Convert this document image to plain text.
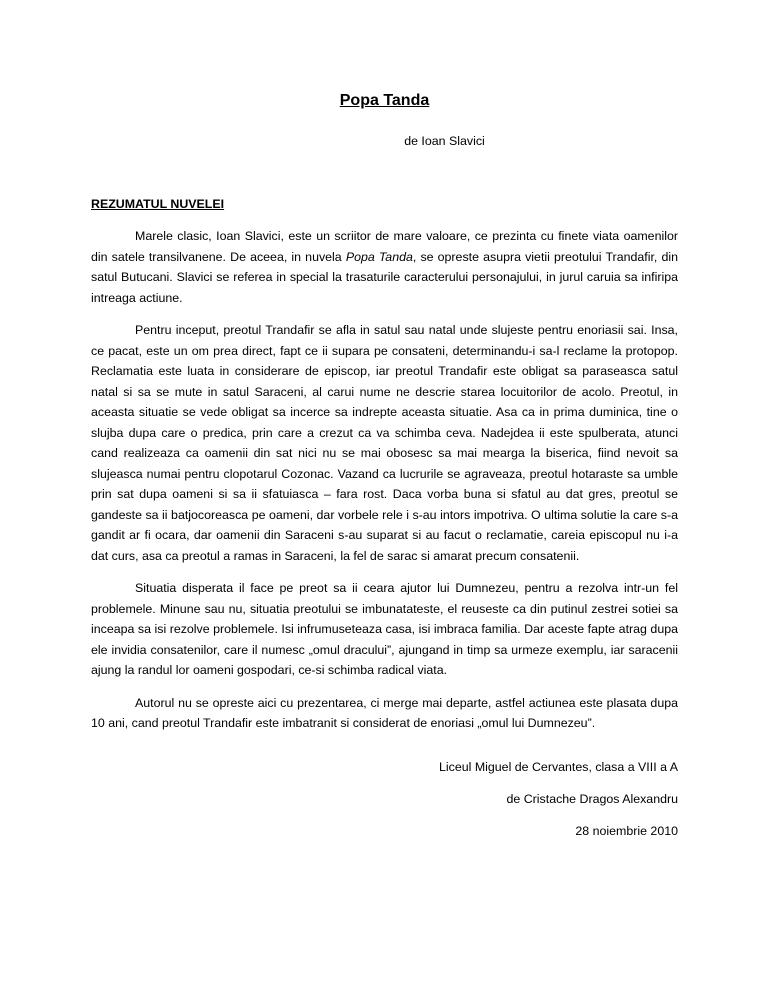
Popa Tanda
de Ioan Slavici
REZUMATUL NUVELEI

Marele clasic, Ioan Slavici, este un scriitor de mare valoare, ce prezinta cu finete viata oamenilor din satele transilvanene. De aceea, in nuvela Popa Tanda, se opreste asupra vietii preotului Trandafir, din satul Butucani. Slavici se referea in special la trasaturile caracterului personajului, in jurul caruia sa infiripa intreaga actiune.

Pentru inceput, preotul Trandafir se afla in satul sau natal unde slujeste pentru enoriasii sai. Insa, ce pacat, este un om prea direct, fapt ce ii supara pe consateni, determinandu-i sa-l reclame la protopop. Reclamatia este luata in considerare de episcop, iar preotul Trandafir este obligat sa paraseasca satul natal si sa se mute in satul Saraceni, al carui nume ne descrie starea locuitorilor de acolo. Preotul, in aceasta situatie se vede obligat sa incerce sa indrepte aceasta situatie. Asa ca in prima duminica, tine o slujba dupa care o predica, prin care a crezut ca va schimba ceva. Nadejdea ii este spulberata, atunci cand realizeaza ca oamenii din sat nici nu se mai obosesc sa mai mearga la biserica, fiind nevoit sa slujeasca numai pentru clopotarul Cozonac. Vazand ca lucrurile se agraveaza, preotul hotaraste sa umble prin sat dupa oameni si sa ii sfatuiasca – fara rost. Daca vorba buna si sfatul au dat gres, preotul se gandeste sa ii batjocoreasca pe oameni, dar vorbele rele i s-au intors impotriva. O ultima solutie la care s-a gandit ar fi ocara, dar oamenii din Saraceni s-au suparat si au facut o reclamatie, careia episcopul nu i-a dat curs, asa ca preotul a ramas in Saraceni, la fel de sarac si amarat precum consatenii.

Situatia disperata il face pe preot sa ii ceara ajutor lui Dumnezeu, pentru a rezolva intr-un fel problemele. Minune sau nu, situatia preotului se imbunatateste, el reuseste ca din putinul zestrei sotiei sa inceapa sa isi rezolve problemele. Isi infrumuseteaza casa, isi imbraca familia. Dar aceste fapte atrag dupa ele invidia consatenilor, care il numesc „omul dracului”, ajungand in timp sa urmeze exemplu, iar saracenii ajung la randul lor oameni gospodari, ce-si schimba radical viata.

Autorul nu se opreste aici cu prezentarea, ci merge mai departe, astfel actiunea este plasata dupa 10 ani, cand preotul Trandafir este imbatranit si considerat de enoriasi „omul lui Dumnezeu”.

Liceul Miguel de Cervantes, clasa a VIII a A
de Cristache Dragos Alexandru
28 noiembrie 2010
